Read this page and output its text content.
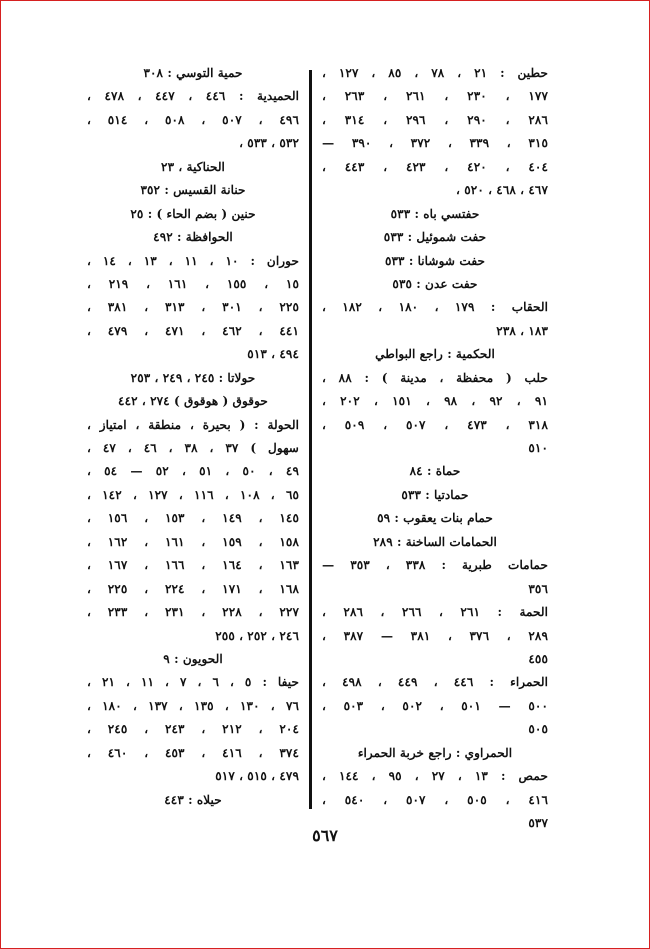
حطين : ٢١ ، ٧٨ ، ٨٥ ، ١٢٧ ،
١٧٧ ، ٢٣٠ ، ٢٦١ ، ٢٦٣ ،
٢٨٦ ، ٢٩٠ ، ٢٩٦ ، ٣١٤ ،
٣١٥ ، ٣٣٩ ، ٣٧٢ ، ٣٩٠ —
٤٠٤ ، ٤٢٠ ، ٤٢٣ ، ٤٤٣ ،
٤٦٧ ، ٤٦٨ ، ٥٢٠ ،
حفتسي باه : ٥٣٣
حفت شموئيل : ٥٣٣
حفت شوشانا : ٥٣٣
حفت عدن : ٥٣٥
الحقاب : ١٧٩ ، ١٨٠ ، ١٨٢ ،
١٨٣ ، ٢٣٨
الحكمية : راجع البواطي
حلب ( محفظة ، مدينة ) : ٨٨ ،
٩١ ، ٩٢ ، ٩٨ ، ١٥١ ، ٢٠٢ ،
٣١٨ ، ٤٧٣ ، ٥٠٧ ، ٥٠٩ ،
٥١٠
حماة : ٨٤
حمادتيا : ٥٣٣
حمام بنات يعقوب : ٥٩
الحمامات الساخنة : ٢٨٩
حمامات طبرية : ٣٣٨ ، ٣٥٣ —
٣٥٦
الحمة : ٢٦١ ، ٢٦٦ ، ٢٨٦ ،
٢٨٩ ، ٣٧٦ ، ٣٨١ — ٣٨٧ ،
٤٥٥
الحمراء : ٤٤٦ ، ٤٤٩ ، ٤٩٨ ،
٥٠٠ — ٥٠١ ، ٥٠٢ ، ٥٠٣ ،
٥٠٥
الحمراوي : راجع خربة الحمراء
حمص : ١٣ ، ٢٧ ، ٩٥ ، ١٤٤ ،
٤١٦ ، ٥٠٥ ، ٥٠٧ ، ٥٤٠ ،
٥٣٧
حمية التوسي : ٣٠٨
الحميدية : ٤٤٦ ، ٤٤٧ ، ٤٧٨ ،
٤٩٦ ، ٥٠٧ ، ٥٠٨ ، ٥١٤ ،
٥٣٢ ، ٥٣٣ ،
الحناكية ، ٢٣
حنانة القسيس : ٣٥٢
حنين ( بضم الحاء ) : ٢٥
الحوافظة : ٤٩٢
حوران : ١٠ ، ١١ ، ١٣ ، ١٤ ،
١٥ ، ١٥٥ ، ١٦١ ، ٢١٩ ،
٢٢٥ ، ٣٠١ ، ٣١٣ ، ٣٨١ ،
٤٤١ ، ٤٦٢ ، ٤٧١ ، ٤٧٩ ،
٤٩٤ ، ٥١٣
حولاتا : ٢٤٥ ، ٢٤٩ ، ٢٥٣
حوقوق ( هوقوق ) ٢٧٤ ، ٤٤٢
الحولة : ( بحيرة ، منطقة ، امتياز ،
سهول ) ٣٧ ، ٣٨ ، ٤٦ ، ٤٧ ،
٤٩ ، ٥٠ ، ٥١ ، ٥٢ — ٥٤ ،
٦٥ ، ١٠٨ ، ١١٦ ، ١٢٧ ، ١٤٢ ،
١٤٥ ، ١٤٩ ، ١٥٣ ، ١٥٦ ،
١٥٨ ، ١٥٩ ، ١٦١ ، ١٦٢ ،
١٦٣ ، ١٦٤ ، ١٦٦ ، ١٦٧ ،
١٦٨ ، ١٧١ ، ٢٢٤ ، ٢٢٥ ،
٢٢٧ ، ٢٢٨ ، ٢٣١ ، ٢٣٣ ،
٢٤٦ ، ٢٥٢ ، ٢٥٥
الحويون : ٩
حيفا : ٥ ، ٦ ، ٧ ، ١١ ، ٢١ ،
٧٦ ، ١٣٠ ، ١٣٥ ، ١٣٧ ، ١٨٠ ،
٢٠٤ ، ٢١٢ ، ٢٤٣ ، ٢٤٥ ،
٣٧٤ ، ٤١٦ ، ٤٥٣ ، ٤٦٠ ،
٤٧٩ ، ٥١٥ ، ٥١٧
حيلاه : ٤٤٣
٥٦٧
